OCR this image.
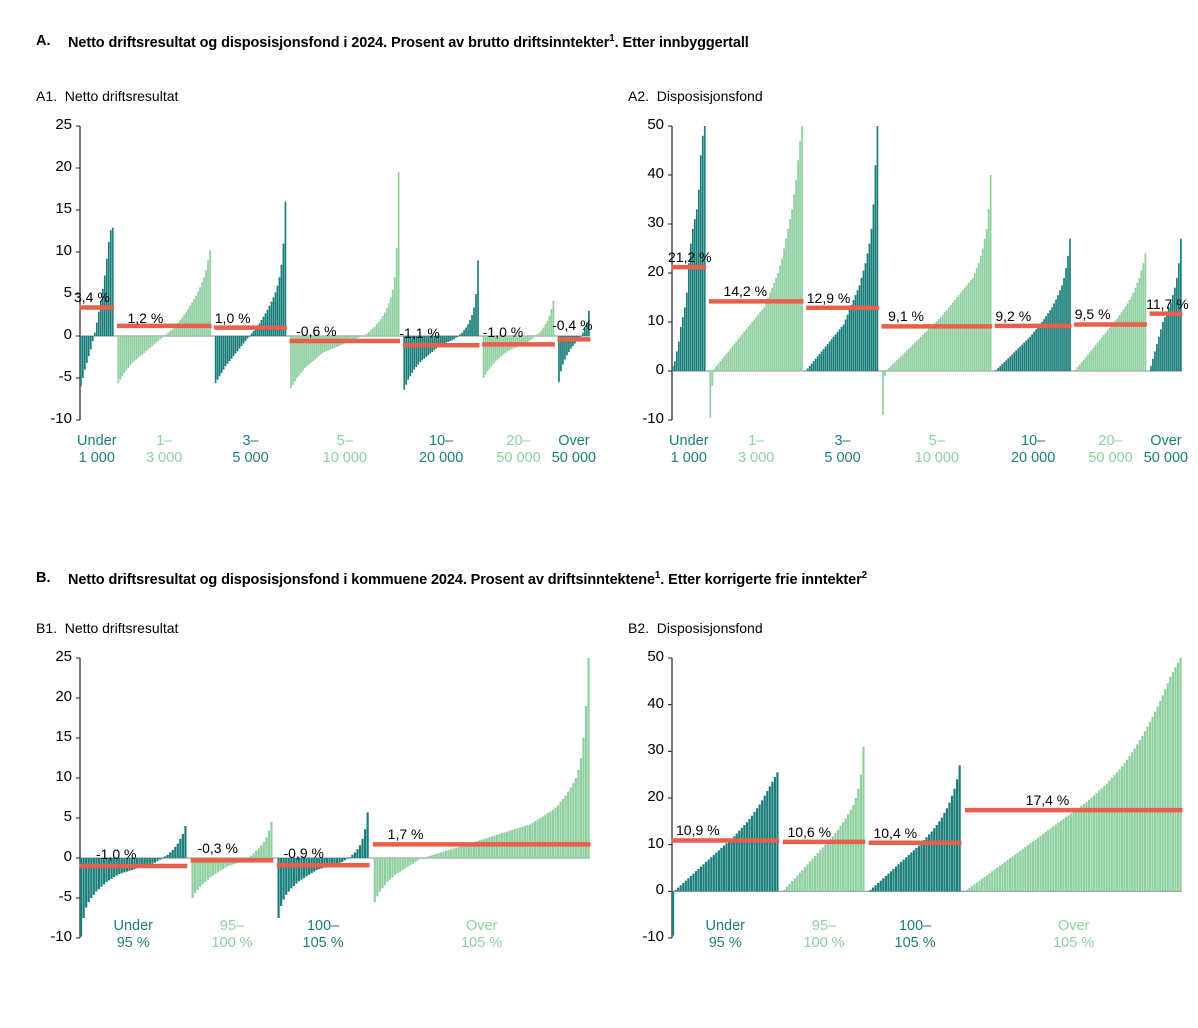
A. Netto driftsresultat og disposisjonsfond i 2024. Prosent av brutto driftsinntekter$^1$. Etter innbyggertall
A1. Netto driftsresultat	A2. Disposisjonsfond
-10
-5
0
5
10
15
20
25
Under
1 000
1–
3 000
3–
5 000
5–
10 000
10–
20 000
20–
50 000
Over
50 000
3,4 %
1,2 %	1,0 %
-0,6 %	-1,1 %	-1,0 % -0,4 %
-10
0
10
20
30
40
50
Under
1 000
1–
3 000
3–
5 000
5–
10 000
10–
20 000
20–
50 000
Over
50 000
21,2 %
14,2 %	12,9 %
9,1 %	9,2 %	9,5 %
11,7 %
B. Netto driftsresultat og disposisjonsfond i kommuene 2024. Prosent av driftsinntektene$^1$. Etter korrigerte frie inntekter$^2$
B1. Netto driftsresultat	B2. Disposisjonsfond
-10
-5
0
5
10
15
20
25
Under
95 %
95–
100 %
100–
105 %
Over
105 %
-1,0 %	-0,3 %	-0,9 %
1,7 %
-10
0
10
20
30
40
50
Under
95 %
95–
100 %
100–
105 %
Over
105 %
10,9 %	10,6 %	10,4 %
17,4 %
